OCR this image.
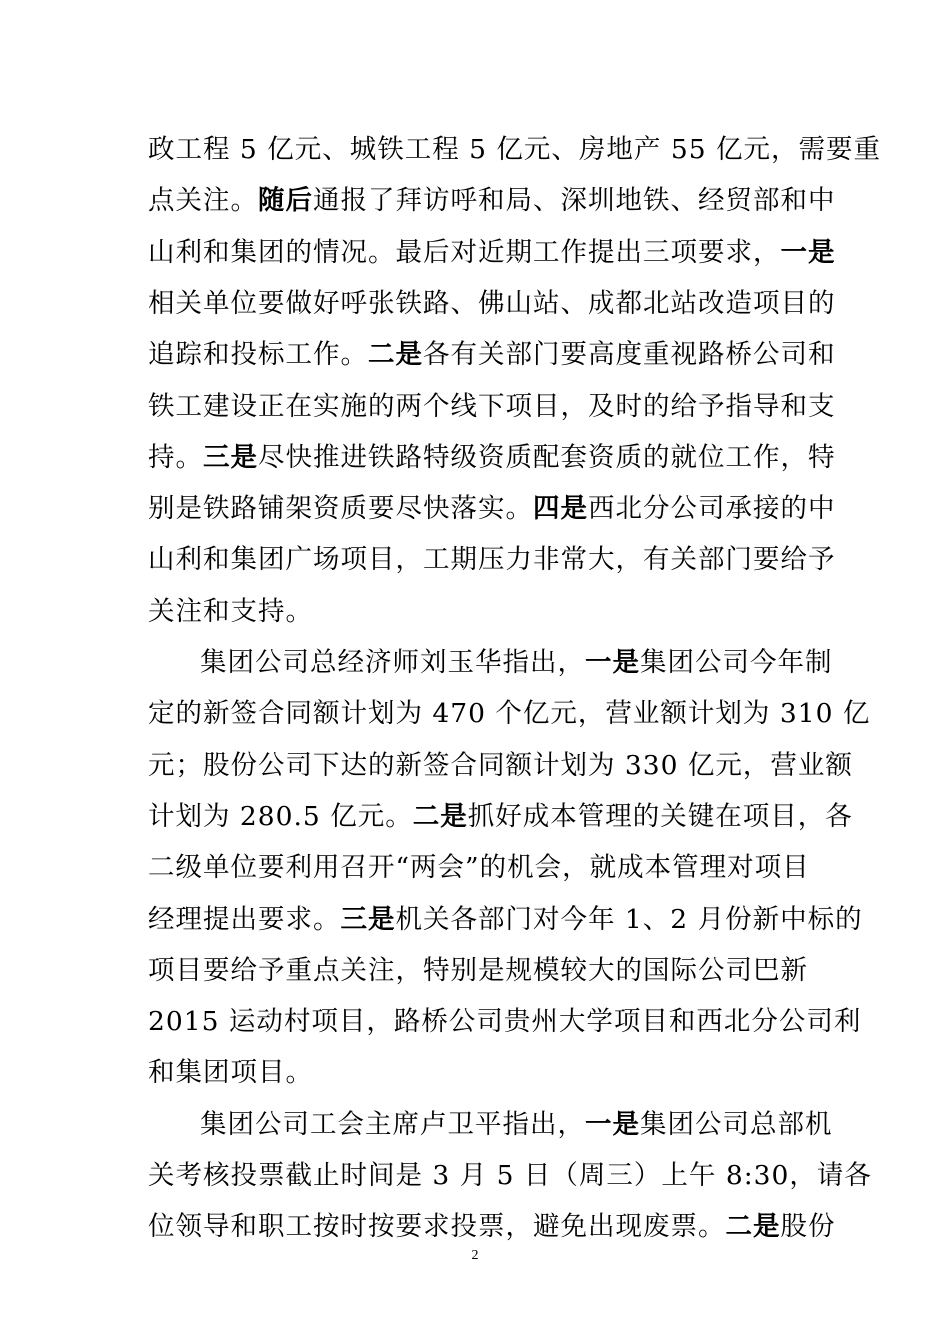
政工程 5 亿元、城铁工程 5 亿元、房地产 55 亿元，需要重
点关注。随后通报了拜访呼和局、深圳地铁、经贸部和中
山利和集团的情况。最后对近期工作提出三项要求，一是
相关单位要做好呼张铁路、佛山站、成都北站改造项目的
追踪和投标工作。二是各有关部门要高度重视路桥公司和
铁工建设正在实施的两个线下项目，及时的给予指导和支
持。三是尽快推进铁路特级资质配套资质的就位工作，特
别是铁路铺架资质要尽快落实。四是西北分公司承接的中
山利和集团广场项目，工期压力非常大，有关部门要给予
关注和支持。
集团公司总经济师刘玉华指出，一是集团公司今年制
定的新签合同额计划为 470 个亿元，营业额计划为 310 亿
元；股份公司下达的新签合同额计划为 330 亿元，营业额
计划为 280.5 亿元。二是抓好成本管理的关键在项目，各
二级单位要利用召开“两会”的机会，就成本管理对项目
经理提出要求。三是机关各部门对今年 1、2 月份新中标的
项目要给予重点关注，特别是规模较大的国际公司巴新
2015 运动村项目，路桥公司贵州大学项目和西北分公司利
和集团项目。
集团公司工会主席卢卫平指出，一是集团公司总部机
关考核投票截止时间是 3 月 5 日（周三）上午 8:30，请各
位领导和职工按时按要求投票，避免出现废票。二是股份
2
